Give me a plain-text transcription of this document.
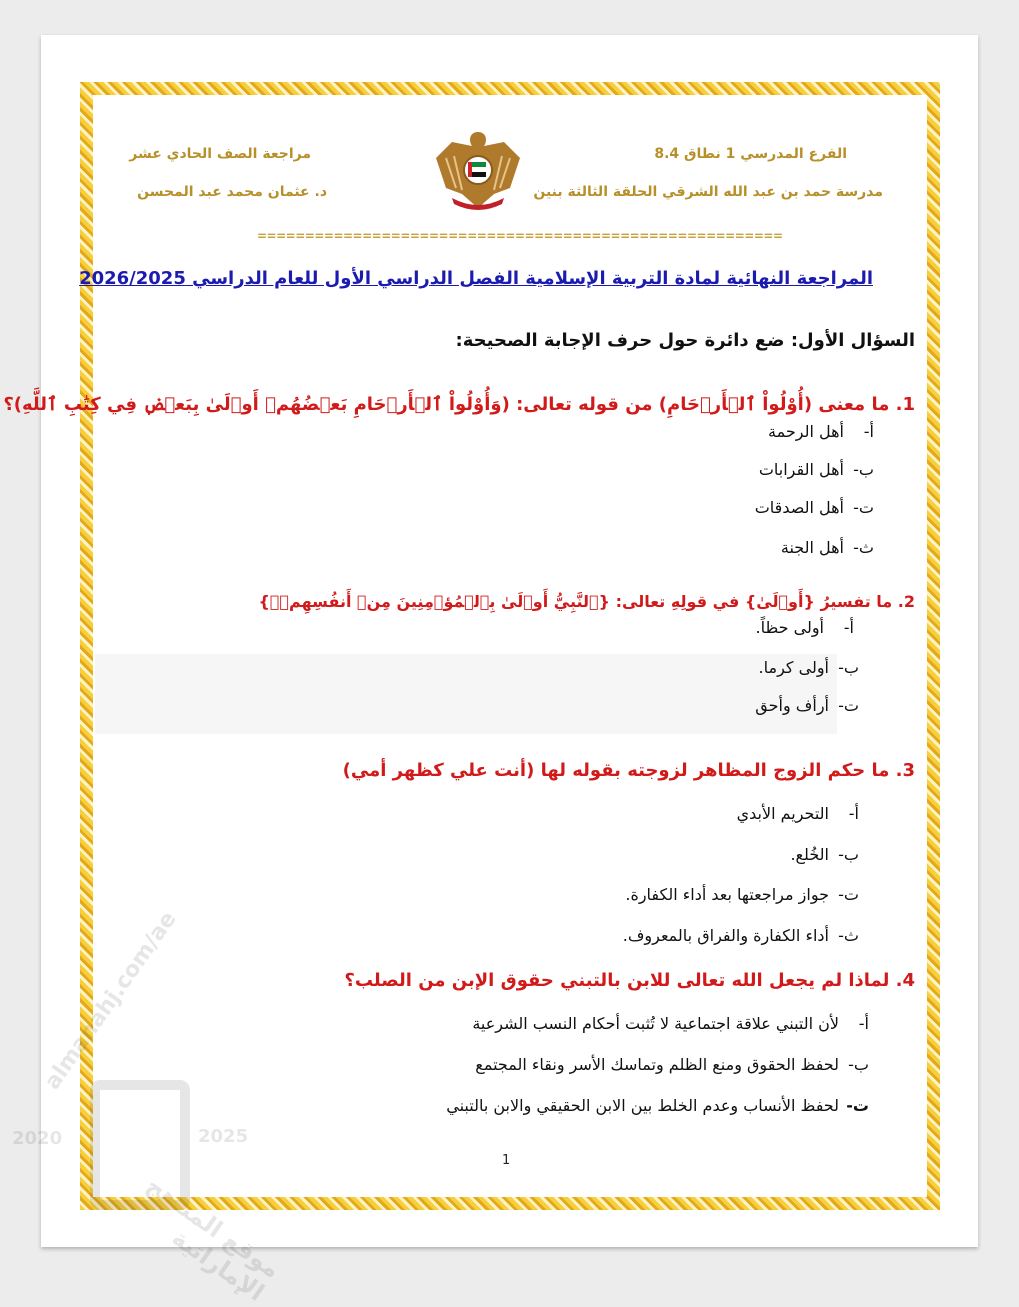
الفرع المدرسي 1 نطاق 8.4
مدرسة حمد بن عبد الله الشرقي الحلقة الثالثة بنين
مراجعة الصف الحادي عشر
د. عثمان محمد عبد المحسن
=======================================================
المراجعة النهائية لمادة التربية الإسلامية الفصل الدراسي الأول للعام الدراسي 2026/2025
السؤال الأول: ضع دائرة حول حرف الإجابة الصحيحة:
1. ما معنى (أُوْلُواْ ٱلۡأَرۡحَامِ) من قوله تعالى: (وَأُوْلُواْ ٱلۡأَرۡحَامِ بَعۡضُهُمۡ أَوۡلَىٰ بِبَعۡضٖ فِي كِتَٰبِ ٱللَّهِ)؟
أ-أهل الرحمة
ب-أهل القرابات
ت-أهل الصدقات
ث-أهل الجنة
2. ما تفسيرُ {أَوۡلَىٰ} في قولِهِ تعالى: {ٱلنَّبِيُّ أَوۡلَىٰ بِٱلۡمُؤۡمِنِينَ مِنۡ أَنفُسِهِمۡۖ}
أ-أولى حظاً.
ب-أولى كرما.
ت-أرأف وأحق
3. ما حكم الزوج المظاهر لزوجته بقوله لها (أنت علي كظهر أمي)
أ-التحريم الأبدي
ب-الخُلع.
ت-جواز مراجعتها بعد أداء الكفارة.
ث-أداء الكفارة والفراق بالمعروف.
4. لماذا لم يجعل الله تعالى للابن بالتبني حقوق الإبن من الصلب؟
أ-لأن التبني علاقة اجتماعية لا تُثبت أحكام النسب الشرعية
ب-لحفظ الحقوق ومنع الظلم وتماسك الأسر ونقاء المجتمع
ت-لحفظ الأنساب وعدم الخلط بين الابن الحقيقي والابن بالتبني
1
almanahj.com/ae
2020	2025
موقع المناهج الإماراتية
